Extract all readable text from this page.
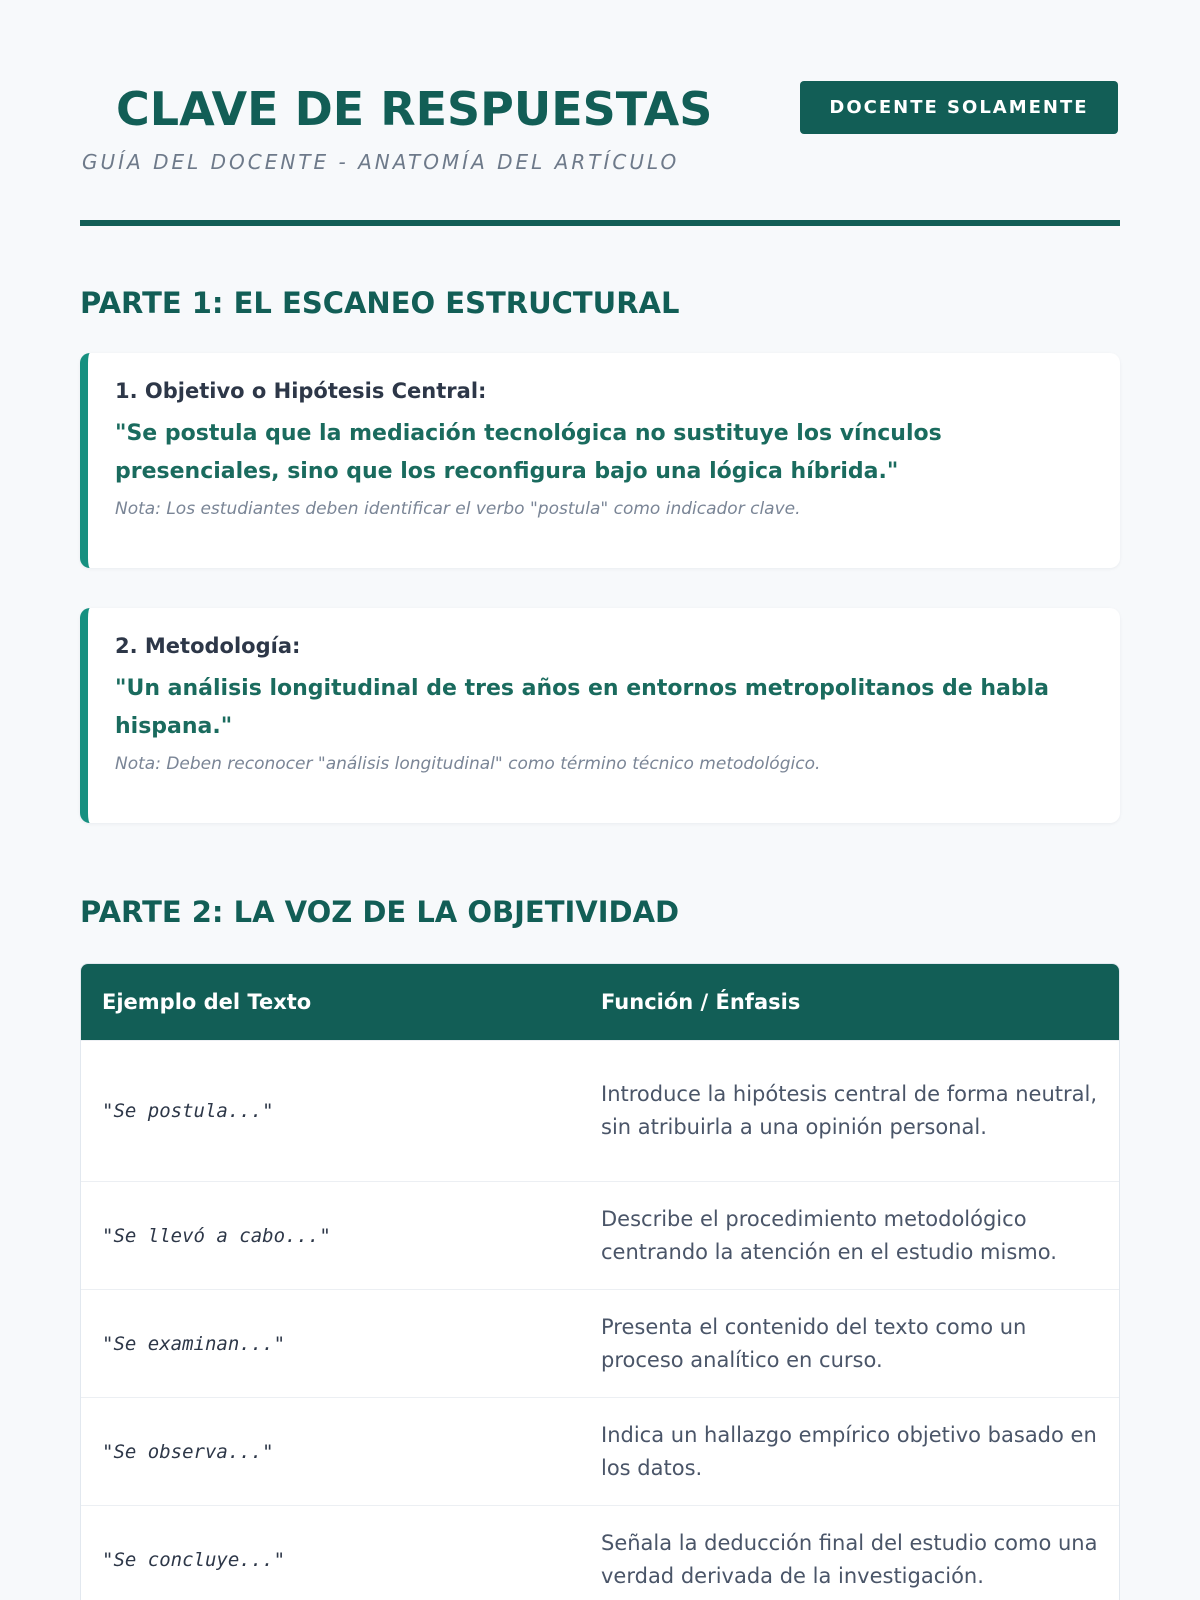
CLAVE DE RESPUESTAS
GUÍA DEL DOCENTE - ANATOMÍA DEL ARTÍCULO
DOCENTE SOLAMENTE
PARTE 1: EL ESCANEO ESTRUCTURAL
1. Objetivo o Hipótesis Central:
"Se postula que la mediación tecnológica no sustituye los vínculos presenciales, sino que los reconfigura bajo una lógica híbrida."
Nota: Los estudiantes deben identificar el verbo "postula" como indicador clave.
2. Metodología:
"Un análisis longitudinal de tres años en entornos metropolitanos de habla hispana."
Nota: Deben reconocer "análisis longitudinal" como término técnico metodológico.
PARTE 2: LA VOZ DE LA OBJETIVIDAD
Ejemplo del Texto	Función / Énfasis
"Se postula..."
Introduce la hipótesis central de forma neutral, sin atribuirla a una opinión personal.
"Se llevó a cabo..."
Describe el procedimiento metodológico centrando la atención en el estudio mismo.
"Se examinan..."
Presenta el contenido del texto como un proceso analítico en curso.
"Se observa..."
Indica un hallazgo empírico objetivo basado en los datos.
"Se concluye..."
Señala la deducción final del estudio como una verdad derivada de la investigación.
